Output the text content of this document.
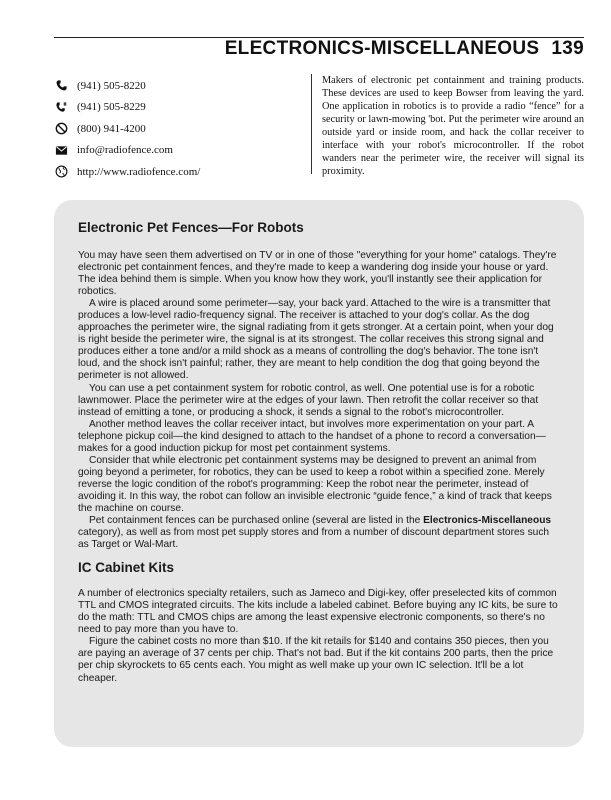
ELECTRONICS-MISCELLANEOUS 139
(941) 505-8220
(941) 505-8229
(800) 941-4200
info@radiofence.com
http://www.radiofence.com/
Makers of electronic pet containment and training products. These devices are used to keep Bowser from leaving the yard. One application in robotics is to provide a radio “fence” for a security or lawn-mowing 'bot. Put the perimeter wire around an outside yard or inside room, and hack the collar receiver to interface with your robot's microcontroller. If the robot wanders near the perimeter wire, the receiver will signal its proximity.
Electronic Pet Fences—For Robots

You may have seen them advertised on TV or in one of those "everything for your home" catalogs. They're electronic pet containment fences, and they're made to keep a wandering dog inside your house or yard. The idea behind them is simple. When you know how they work, you'll instantly see their application for robotics.

A wire is placed around some perimeter—say, your back yard. Attached to the wire is a transmitter that produces a low-level radio-frequency signal. The receiver is attached to your dog's collar. As the dog approaches the perimeter wire, the signal radiating from it gets stronger. At a certain point, when your dog is right beside the perimeter wire, the signal is at its strongest. The collar receives this strong signal and produces either a tone and/or a mild shock as a means of controlling the dog's behavior. The tone isn't loud, and the shock isn't painful; rather, they are meant to help condition the dog that going beyond the perimeter is not allowed.

You can use a pet containment system for robotic control, as well. One potential use is for a robotic lawnmower. Place the perimeter wire at the edges of your lawn. Then retrofit the collar receiver so that instead of emitting a tone, or producing a shock, it sends a signal to the robot's microcontroller.

Another method leaves the collar receiver intact, but involves more experimentation on your part. A telephone pickup coil—the kind designed to attach to the handset of a phone to record a conversation—makes for a good induction pickup for most pet containment systems.

Consider that while electronic pet containment systems may be designed to prevent an animal from going beyond a perimeter, for robotics, they can be used to keep a robot within a specified zone. Merely reverse the logic condition of the robot's programming: Keep the robot near the perimeter, instead of avoiding it. In this way, the robot can follow an invisible electronic “guide fence,” a kind of track that keeps the machine on course.

Pet containment fences can be purchased online (several are listed in the Electronics-Miscellaneous category), as well as from most pet supply stores and from a number of discount department stores such as Target or Wal-Mart.

IC Cabinet Kits

A number of electronics specialty retailers, such as Jameco and Digi-key, offer preselected kits of common TTL and CMOS integrated circuits. The kits include a labeled cabinet. Before buying any IC kits, be sure to do the math: TTL and CMOS chips are among the least expensive electronic components, so there's no need to pay more than you have to.

Figure the cabinet costs no more than $10. If the kit retails for $140 and contains 350 pieces, then you are paying an average of 37 cents per chip. That's not bad. But if the kit contains 200 parts, then the price per chip skyrockets to 65 cents each. You might as well make up your own IC selection. It'll be a lot cheaper.
